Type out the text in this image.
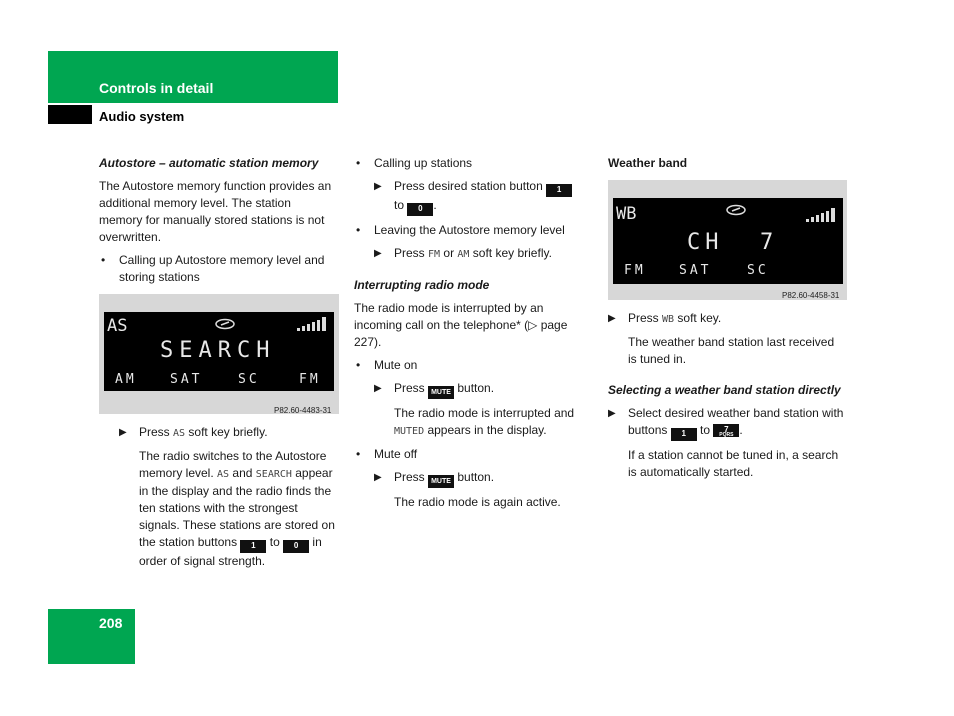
Controls in detail
Audio system
Autostore – automatic station memory

The Autostore memory function provides an additional memory level. The station memory for manually stored stations is not overwritten.

• Calling up Autostore memory level and storing stations
AS
SEARCH
AM	SAT	SC	FM
P82.60-4483-31
▶ Press AS soft key briefly.
The radio switches to the Autostore memory level. AS and SEARCH appear in the display and the radio finds the ten stations with the strongest signals. These stations are stored on the station buttons 1 to 0 in order of signal strength.
• Calling up stations
▶ Press desired station button 1
to 0 .
• Leaving the Autostore memory level
▶ Press FM or AM soft key briefly.
Interrupting radio mode

The radio mode is interrupted by an incoming call on the telephone* (▷ page 227).

• Mute on
▶ Press MUTE button.
The radio mode is interrupted and MUTED appears in the display.
• Mute off
▶ Press MUTE button.
The radio mode is again active.
Weather band
WB
CH  7
FM	SAT	SC
P82.60-4458-31
▶ Press WB soft key.
The weather band station last received is tuned in.
Selecting a weather band station directly
▶ Select desired weather band station with buttons 1 to 7
PQRS .
If a station cannot be tuned in, a search is automatically started.
208
